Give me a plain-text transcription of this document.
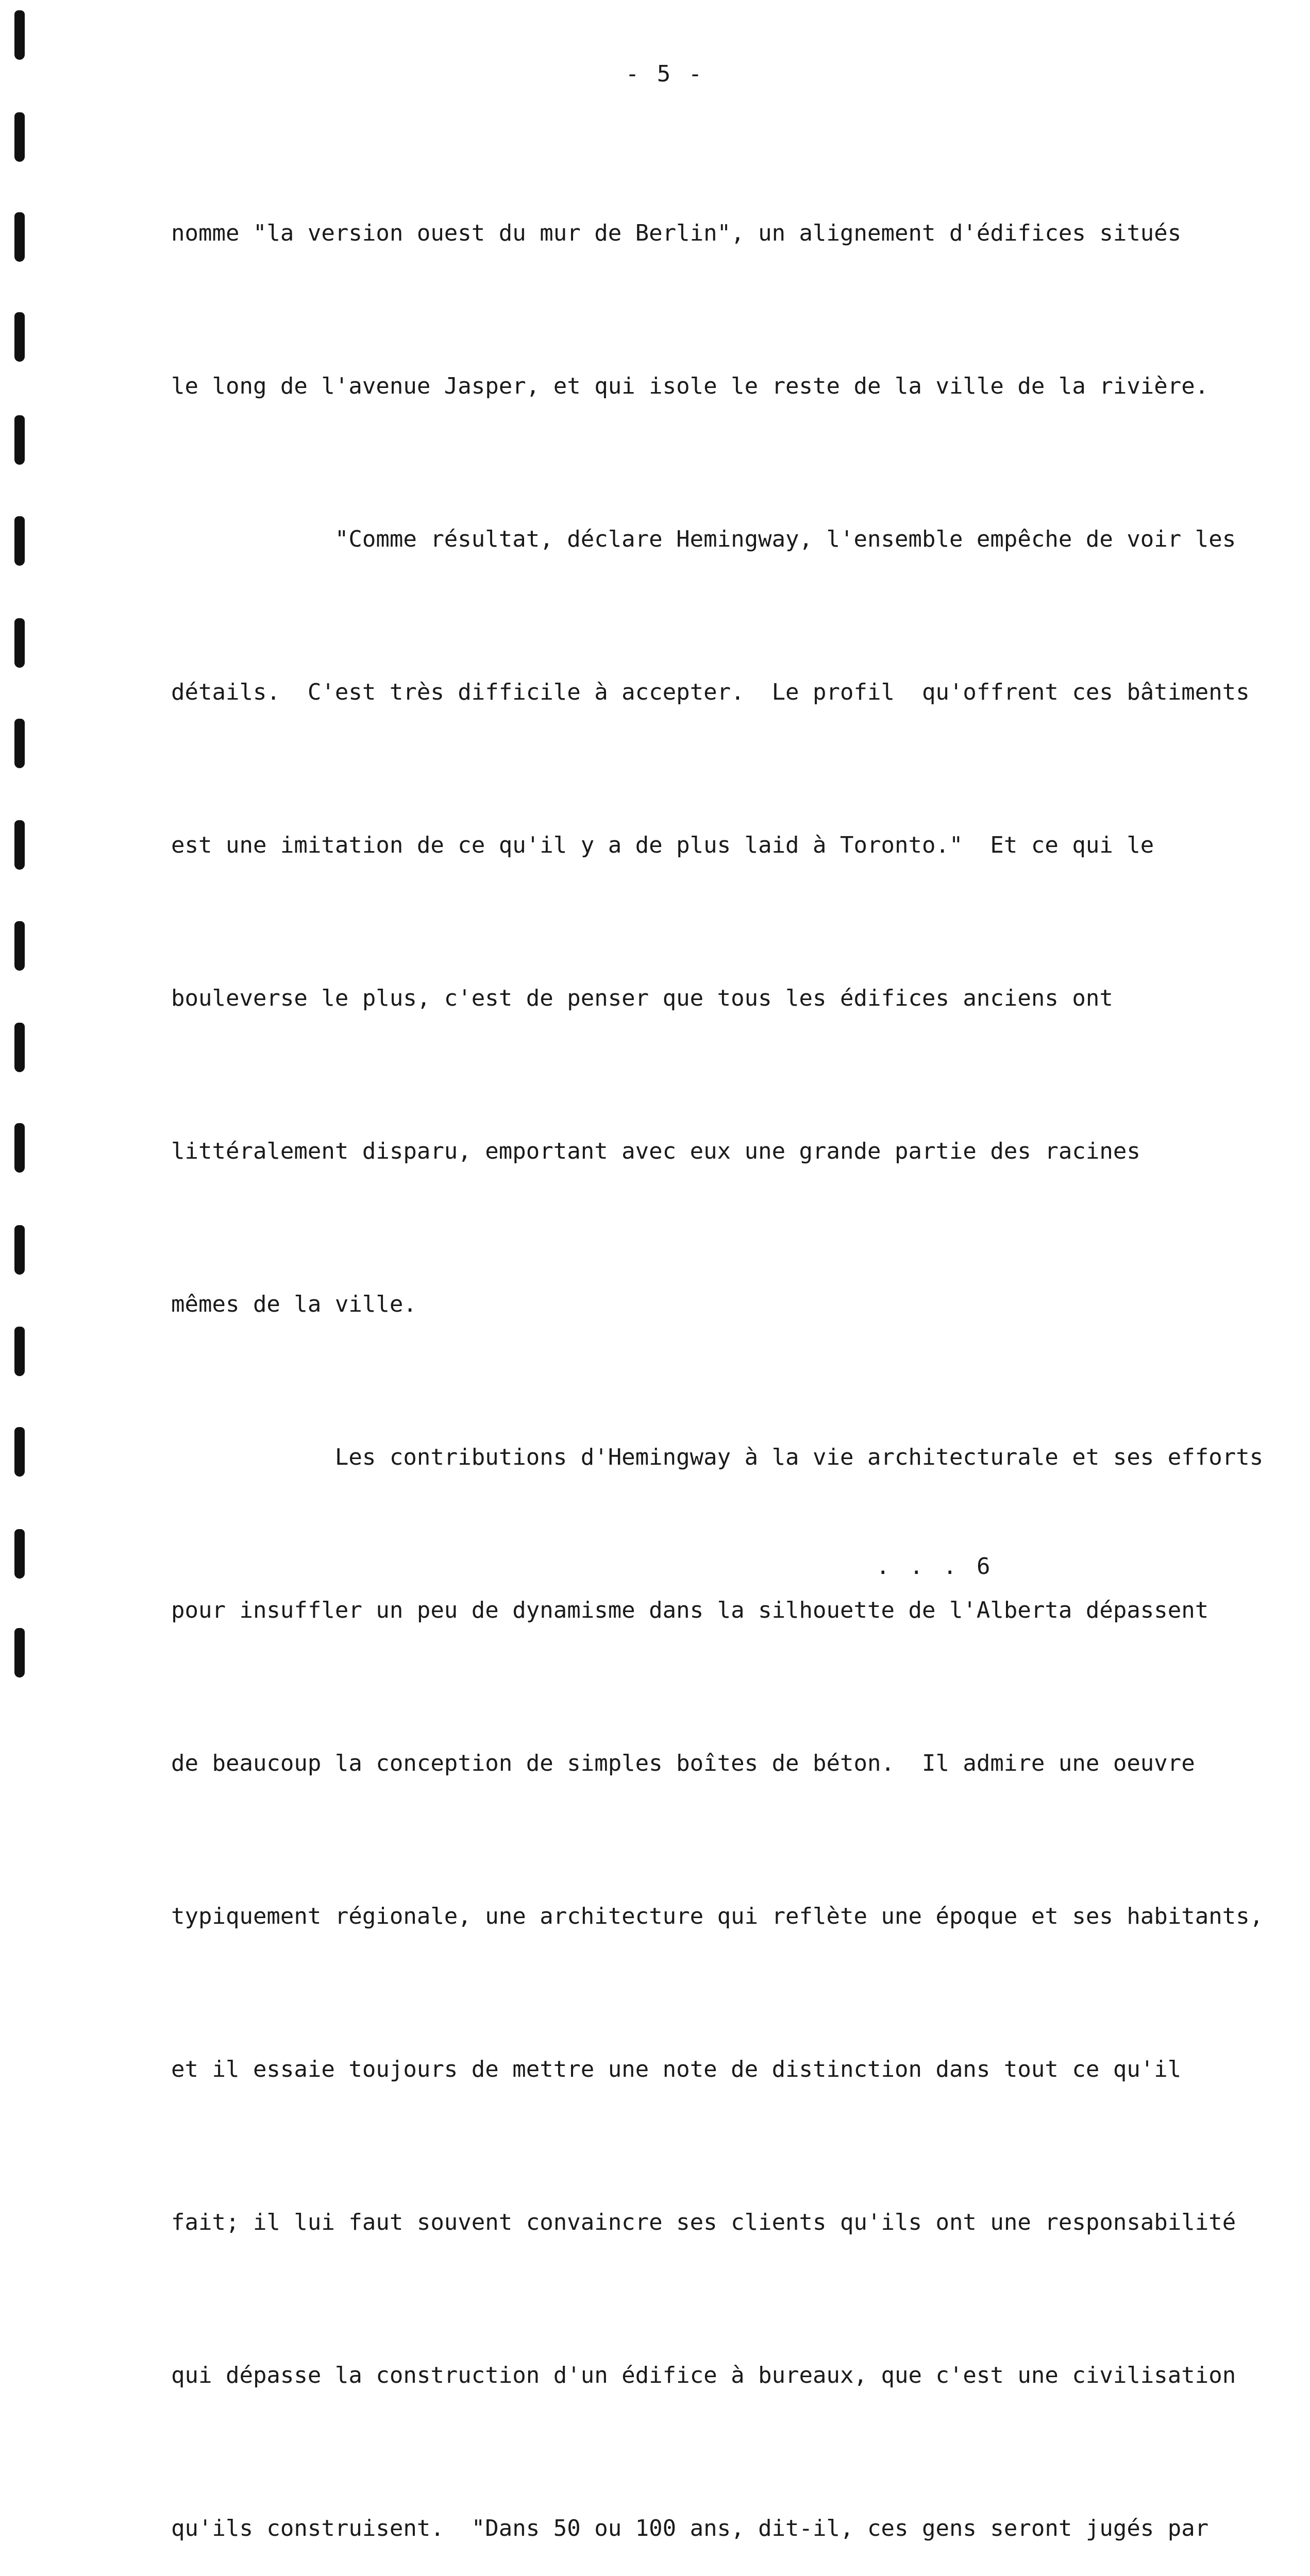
- 5 -

nomme "la version ouest du mur de Berlin", un alignement d'édifices situés

le long de l'avenue Jasper, et qui isole le reste de la ville de la rivière.

"Comme résultat, déclare Hemingway, l'ensemble empêche de voir les

détails.  C'est très difficile à accepter.  Le profil  qu'offrent ces bâtiments

est une imitation de ce qu'il y a de plus laid à Toronto."  Et ce qui le

bouleverse le plus, c'est de penser que tous les édifices anciens ont

littéralement disparu, emportant avec eux une grande partie des racines

mêmes de la ville.

Les contributions d'Hemingway à la vie architecturale et ses efforts

pour insuffler un peu de dynamisme dans la silhouette de l'Alberta dépassent

de beaucoup la conception de simples boîtes de béton.  Il admire une oeuvre

typiquement régionale, une architecture qui reflète une époque et ses habitants,

et il essaie toujours de mettre une note de distinction dans tout ce qu'il

fait; il lui faut souvent convaincre ses clients qu'ils ont une responsabilité

qui dépasse la construction d'un édifice à bureaux, que c'est une civilisation

qu'ils construisent.  "Dans 50 ou 100 ans, dit-il, ces gens seront jugés par

. . . 6
